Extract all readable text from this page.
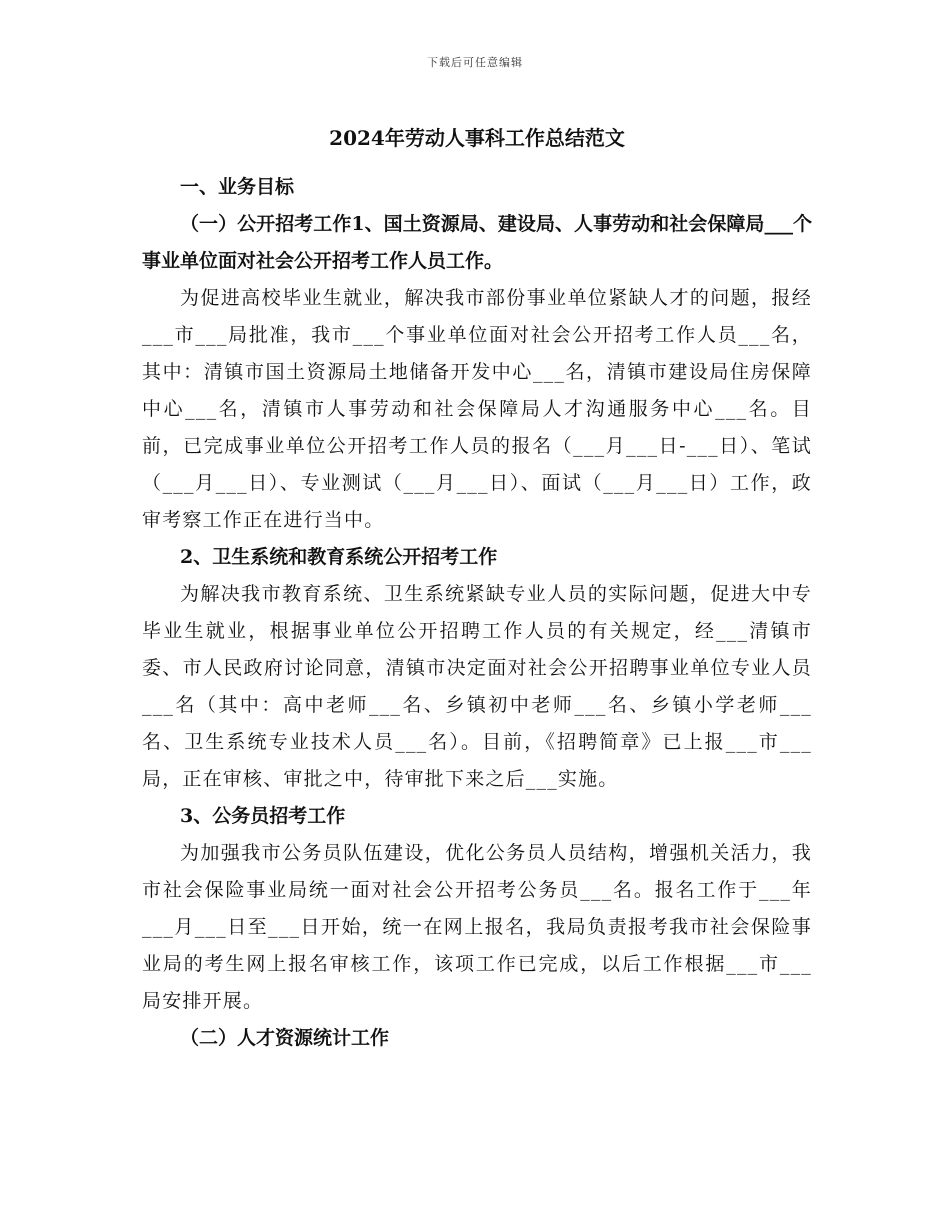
下载后可任意编辑
2024年劳动人事科工作总结范文
一、业务目标
（一）公开招考工作1、国土资源局、建设局、人事劳动和社会保障局___个事业单位面对社会公开招考工作人员工作。
为促进高校毕业生就业，解决我市部份事业单位紧缺人才的问题，报经___市___局批准，我市___个事业单位面对社会公开招考工作人员___名，其中：清镇市国土资源局土地储备开发中心___名，清镇市建设局住房保障中心___名，清镇市人事劳动和社会保障局人才沟通服务中心___名。目前，已完成事业单位公开招考工作人员的报名（___月___日-___日）、笔试（___月___日）、专业测试（___月___日）、面试（___月___日）工作，政审考察工作正在进行当中。
2、卫生系统和教育系统公开招考工作
为解决我市教育系统、卫生系统紧缺专业人员的实际问题，促进大中专毕业生就业，根据事业单位公开招聘工作人员的有关规定，经___清镇市委、市人民政府讨论同意，清镇市决定面对社会公开招聘事业单位专业人员___名（其中：高中老师___名、乡镇初中老师___名、乡镇小学老师___名、卫生系统专业技术人员___名）。目前，《招聘简章》已上报___市___局，正在审核、审批之中，待审批下来之后___实施。
3、公务员招考工作
为加强我市公务员队伍建设，优化公务员人员结构，增强机关活力，我市社会保险事业局统一面对社会公开招考公务员___名。报名工作于___年___月___日至___日开始，统一在网上报名，我局负责报考我市社会保险事业局的考生网上报名审核工作，该项工作已完成，以后工作根据___市___局安排开展。
（二）人才资源统计工作
